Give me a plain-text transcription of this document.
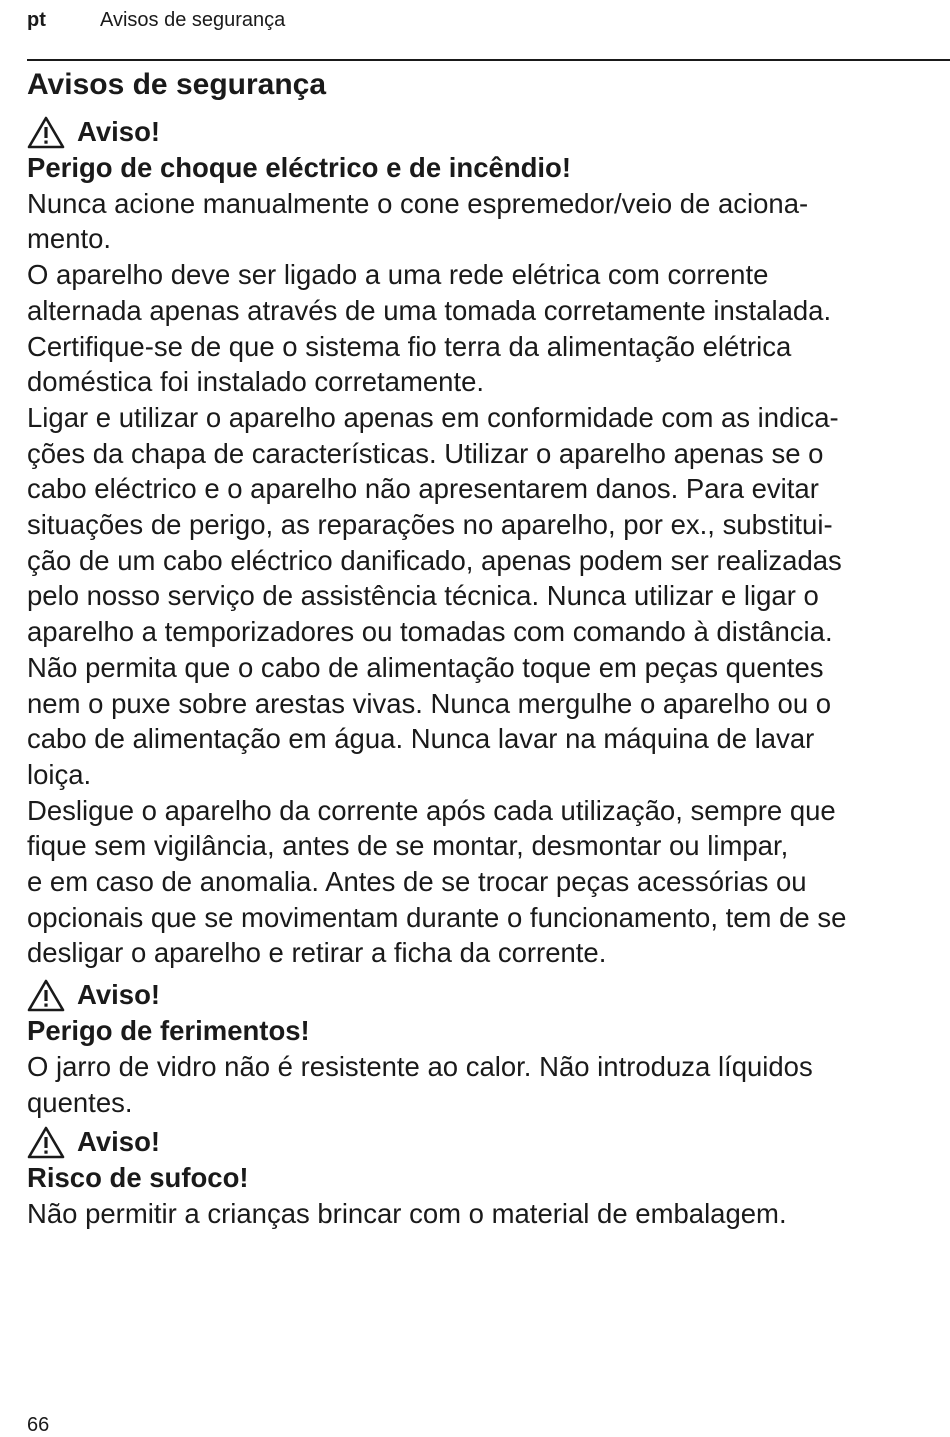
pt	Avisos de segurança
Avisos de segurança
Aviso!
Perigo de choque eléctrico e de incêndio!
Nunca acione manualmente o cone espremedor/veio de aciona-
mento.
O aparelho deve ser ligado a uma rede elétrica com corrente
alternada apenas através de uma tomada corretamente instalada.
Certifique-se de que o sistema fio terra da alimentação elétrica
doméstica foi instalado corretamente.
Ligar e utilizar o aparelho apenas em conformidade com as indica-
ções da chapa de características. Utilizar o aparelho apenas se o
cabo eléctrico e o aparelho não apresentarem danos. Para evitar
situações de perigo, as reparações no aparelho, por ex., substitui-
ção de um cabo eléctrico danificado, apenas podem ser realizadas
pelo nosso serviço de assistência técnica. Nunca utilizar e ligar o
aparelho a temporizadores ou tomadas com comando à distância.
Não permita que o cabo de alimentação toque em peças quentes
nem o puxe sobre arestas vivas. Nunca mergulhe o aparelho ou o
cabo de alimentação em água. Nunca lavar na máquina de lavar
loiça.
Desligue o aparelho da corrente após cada utilização, sempre que
fique sem vigilância, antes de se montar, desmontar ou limpar,
e em caso de anomalia. Antes de se trocar peças acessórias ou
opcionais que se movimentam durante o funcionamento, tem de se
desligar o aparelho e retirar a ficha da corrente.
Aviso!
Perigo de ferimentos!
O jarro de vidro não é resistente ao calor. Não introduza líquidos
quentes.
Aviso!
Risco de sufoco!
Não permitir a crianças brincar com o material de embalagem.
66
